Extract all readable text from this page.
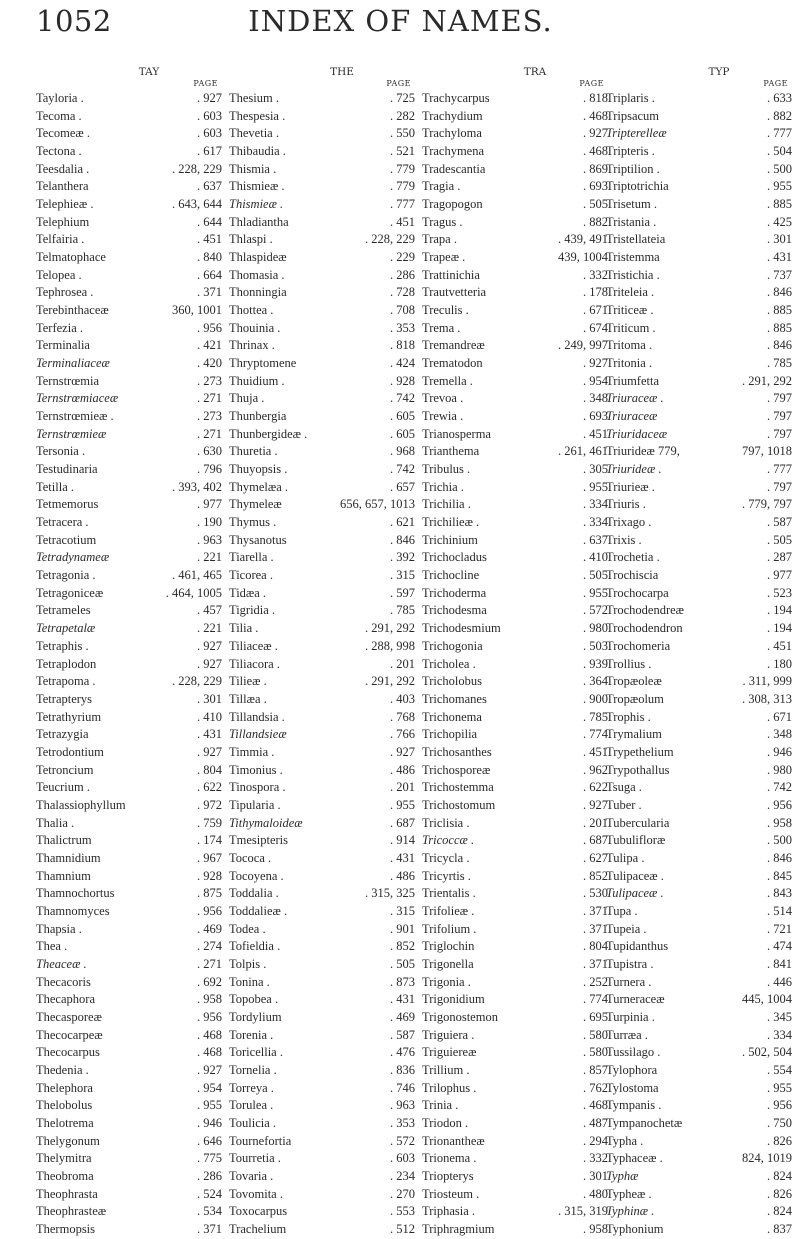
1052	INDEX OF NAMES.
TAY
PAGE
Tayloria .	. 927
Tecoma .	. 603
Tecomeæ .	. 603
Tectona .	. 617
Teesdalia .	. 228, 229
Telanthera	. 637
Telephieæ .	. 643, 644
Telephium	. 644
Telfairia .	. 451
Telmatophace	. 840
Telopea .	. 664
Tephrosea .	. 371
Terebinthaceæ	360, 1001
Terfezia .	. 956
Terminalia	. 421
Terminaliaceæ	. 420
Ternstrœmia	. 273
Ternstrœmiaceæ	. 271
Ternstrœmieæ .	. 273
Ternstrœmieæ	. 271
Tersonia .	. 630
Testudinaria	. 796
Tetilla .	. 393, 402
Tetmemorus	. 977
Tetracera .	. 190
Tetracotium	. 963
Tetradynameæ	. 221
Tetragonia .	. 461, 465
Tetragoniceæ	. 464, 1005
Tetrameles	. 457
Tetrapetalæ	. 221
Tetraphis .	. 927
Tetraplodon	. 927
Tetrapoma .	. 228, 229
Tetrapterys	. 301
Tetrathyrium	. 410
Tetrazygia	. 431
Tetrodontium	. 927
Tetroncium	. 804
Teucrium .	. 622
Thalassiophyllum	. 972
Thalia .	. 759
Thalictrum	. 174
Thamnidium	. 967
Thamnium	. 928
Thamnochortus	. 875
Thamnomyces	. 956
Thapsia .	. 469
Thea .	. 274
Theaceæ .	. 271
Thecacoris	. 692
Thecaphora	. 958
Thecasporeæ	. 956
Thecocarpeæ	. 468
Thecocarpus	. 468
Thedenia .	. 927
Thelephora	. 954
Thelobolus	. 955
Thelotrema	. 946
Thelygonum	. 646
Thelymitra	. 775
Theobroma	. 286
Theophrasta	. 524
Theophrasteæ	. 534
Thermopsis	. 371
THE
PAGE
Thesium .	. 725
Thespesia .	. 282
Thevetia .	. 550
Thibaudia .	. 521
Thismia .	. 779
Thismieæ .	. 779
Thismieæ .	. 777
Thladiantha	. 451
Thlaspi .	. 228, 229
Thlaspideæ	. 229
Thomasia .	. 286
Thonningia	. 728
Thottea .	. 708
Thouinia .	. 353
Thrinax .	. 818
Thryptomene	. 424
Thuidium .	. 928
Thuja .	. 742
Thunbergia	. 605
Thunbergideæ .	. 605
Thuretia .	. 968
Thuyopsis .	. 742
Thymelæa .	. 657
Thymeleæ	656, 657, 1013
Thymus .	. 621
Thysanotus	. 846
Tiarella .	. 392
Ticorea .	. 315
Tidæa .	. 597
Tigridia .	. 785
Tilia .	. 291, 292
Tiliaceæ .	. 288, 998
Tiliacora .	. 201
Tilieæ .	. 291, 292
Tillæa .	. 403
Tillandsia .	. 768
Tillandsieæ	. 766
Timmia .	. 927
Timonius .	. 486
Tinospora .	. 201
Tipularia .	. 955
Tithymaloideæ	. 687
Tmesipteris	. 914
Tococa .	. 431
Tocoyena .	. 486
Toddalia .	. 315, 325
Toddalieæ .	. 315
Todea .	. 901
Tofieldia .	. 852
Tolpis .	. 505
Tonina .	. 873
Topobea .	. 431
Tordylium	. 469
Torenia .	. 587
Toricellia .	. 476
Tornelia .	. 836
Torreya .	. 746
Torulea .	. 963
Toulicia .	. 353
Tournefortia	. 572
Tourretia .	. 603
Tovaria .	. 234
Tovomita .	. 270
Toxocarpus	. 553
Trachelium	. 512
TRA
PAGE
Trachycarpus	. 818
Trachydium	. 468
Trachyloma	. 927
Trachymena	. 468
Tradescantia	. 869
Tragia .	. 693
Tragopogon	. 505
Tragus .	. 882
Trapa .	. 439, 491
Trapeæ .	439, 1004
Trattinichia	. 332
Trautvetteria	. 178
Treculis .	. 671
Trema .	. 674
Tremandreæ	. 249, 997
Trematodon	. 927
Tremella .	. 954
Trevoa .	. 348
Trewia .	. 693
Trianosperma	. 451
Trianthema	. 261, 461
Tribulus .	. 305
Trichia .	. 955
Trichilia .	. 334
Trichilieæ .	. 334
Trichinium	. 637
Trichocladus	. 410
Trichocline	. 505
Trichoderma	. 955
Trichodesma	. 572
Trichodesmium	. 980
Trichogonia	. 503
Tricholea .	. 939
Tricholobus	. 364
Trichomanes	. 900
Trichonema	. 785
Trichopilia	. 774
Trichosanthes	. 451
Trichosporeæ	. 962
Trichostemma	. 622
Trichostomum	. 927
Triclisia .	. 201
Tricoccæ .	. 687
Tricycla .	. 627
Tricyrtis .	. 852
Trientalis .	. 530
Trifolieæ .	. 371
Trifolium .	. 371
Triglochin	. 804
Trigonella	. 371
Trigonia .	. 252
Trigonidium	. 774
Trigonostemon	. 695
Triguiera .	. 580
Triguiereæ	. 580
Trillium .	. 857
Trilophus .	. 762
Trinia .	. 468
Triodon .	. 487
Trionantheæ	. 294
Trionema .	. 332
Triopterys	. 301
Triosteum .	. 480
Triphasia .	. 315, 319
Triphragmium	. 958
TYP
PAGE
Triplaris .	. 633
Tripsacum	. 882
Tripterelleæ	. 777
Tripteris .	. 504
Triptilion .	. 500
Triptotrichia	. 955
Trisetum .	. 885
Tristania .	. 425
Tristellateia	. 301
Tristemma	. 431
Tristichia .	. 737
Triteleia .	. 846
Triticeæ .	. 885
Triticum .	. 885
Tritoma .	. 846
Tritonia .	. 785
Triumfetta	. 291, 292
Triuraceæ .	. 797
Triuraceæ	. 797
Triuridaceæ	. 797
Triurideæ 779,	797, 1018
Triurideæ .	. 777
Triurieæ .	. 797
Triuris .	. 779, 797
Trixago .	. 587
Trixis .	. 505
Trochetia .	. 287
Trochiscia	. 977
Trochocarpa	. 523
Trochodendreæ	. 194
Trochodendron	. 194
Trochomeria	. 451
Trollius .	. 180
Tropæoleæ	. 311, 999
Tropæolum	. 308, 313
Trophis .	. 671
Trymalium	. 348
Trypethelium	. 946
Trypothallus	. 980
Tsuga .	. 742
Tuber .	. 956
Tubercularia	. 958
Tubulifloræ	. 500
Tulipa .	. 846
Tulipaceæ .	. 845
Tulipaceæ .	. 843
Tupa .	. 514
Tupeia .	. 721
Tupidanthus	. 474
Tupistra .	. 841
Turnera .	. 446
Turneraceæ	445, 1004
Turpinia .	. 345
Turræa .	. 334
Tussilago .	. 502, 504
Tylophora	. 554
Tylostoma	. 955
Tympanis .	. 956
Tympanochetæ	. 750
Typha .	. 826
Typhaceæ .	824, 1019
Typhæ	. 824
Typheæ .	. 826
Typhinæ .	. 824
Typhonium	. 837
